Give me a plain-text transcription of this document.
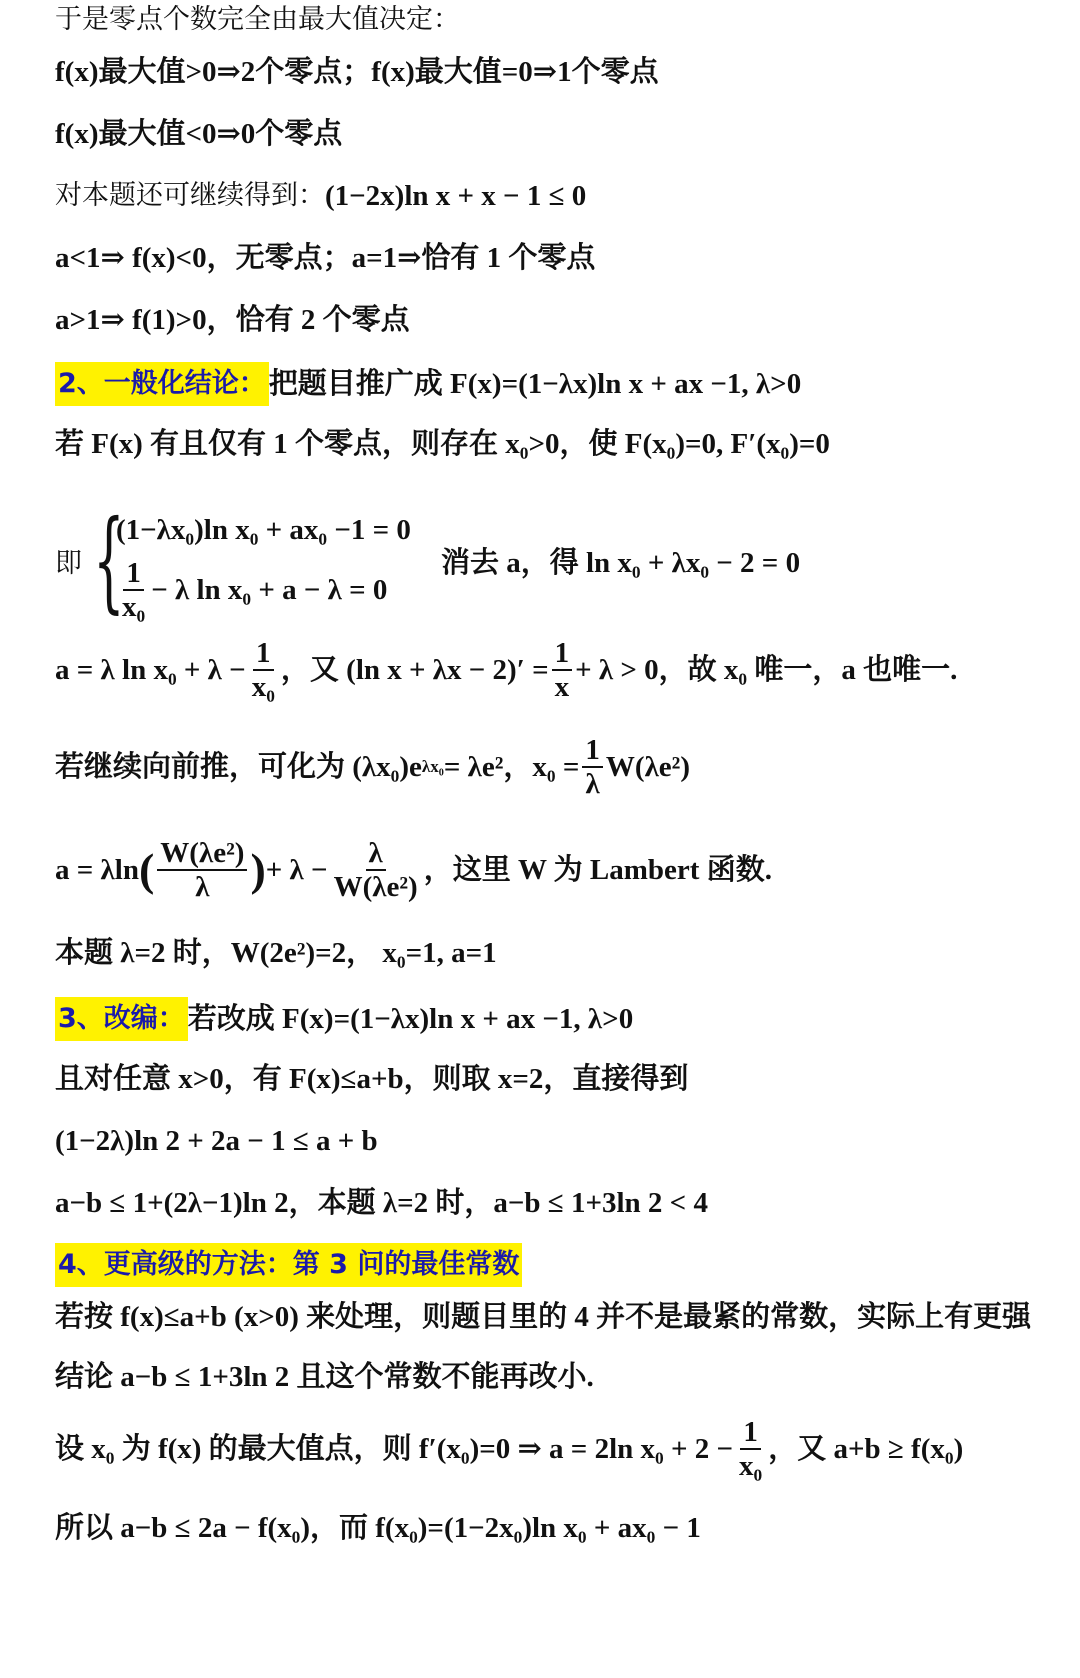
于是零点个数完全由最大值决定：
f(x)最大值>0⇒2个零点；f(x)最大值=0⇒1个零点
f(x)最大值<0⇒0个零点
对本题还可继续得到： (1−2x)ln x + x − 1 ≤ 0
a<1⇒ f(x)<0，无零点；a=1⇒恰有 1 个零点
a>1⇒ f(1)>0，恰有 2 个零点
2、一般化结论： 把题目推广成 F(x)=(1−λx)ln x + ax −1, λ>0
若 F(x) 有且仅有 1 个零点，则存在 x₀>0，使 F(x₀)=0, F′(x₀)=0
即 {
(1−λx₀)ln x₀ + ax₀ −1 = 0
$\frac{1}{\text{x₀}} - \lambda$ ln x₀ + a − λ = 0
消去 a，得 ln x₀ + λx₀ − 2 = 0
a = λ $\ln x_0 + \lambda - \frac{1}{\text{x₀}}$ ，又 (ln $x + \lambda x - 2)' = \frac{1}{x} + \lambda > 0$，故 x₀ 唯一，a 也唯一.
若继续向前推，可化为 (λx₀)e λx₀ = λe²，$x_0 = \frac{1}{\lambda} W(\lambda e^2)$
a = λln ( $\frac{\text{W(λe²)}}{\lambda}$ ) + $\lambda - \frac{\lambda}{\text{W(λe²)}}$ ，这里 W 为 Lambert 函数.
本题 λ=2 时，W(2e²)=2， x₀=1, a=1
3、改编： 若改成 F(x)=(1−λx)ln x + ax −1, λ>0
且对任意 x>0，有 F(x)≤a+b，则取 x=2，直接得到
(1−2λ)ln 2 + 2a − 1 ≤ a + b
a−b ≤ 1+(2λ−1)ln 2，本题 λ=2 时，a−b ≤ 1+3ln 2 < 4
4、更高级的方法：第 3 问的最佳常数
若按 f(x)≤a+b (x>0) 来处理，则题目里的 4 并不是最紧的常数，实际上有更强
结论 a−b ≤ 1+3ln 2 且这个常数不能再改小.
设 x₀ 为 f(x) 的最大值点，则 f′(x₀)=0 ⇒ a = 2ln $x_0 + 2 - \frac{1}{\text{x₀}}$ ，又 a+b ≥ f(x₀)
所以 a−b ≤ 2a − f(x₀)，而 f(x₀)=(1−2x₀)ln x₀ + ax₀ − 1
